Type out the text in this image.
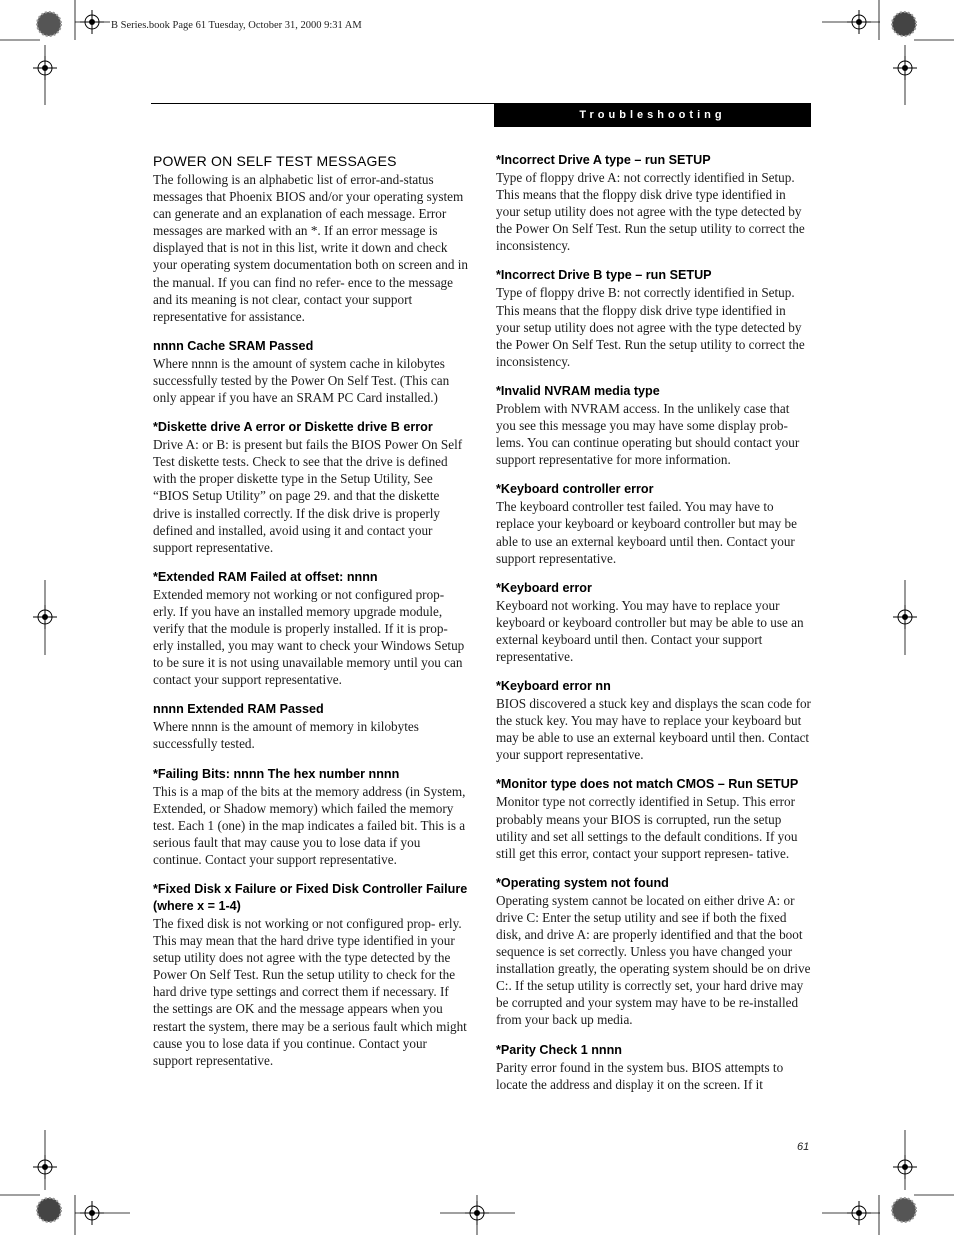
B Series.book Page 61 Tuesday, October 31, 2000 9:31 AM
Troubleshooting
POWER ON SELF TEST MESSAGES

The following is an alphabetic list of error-and-status messages that Phoenix BIOS and/or your operating system can generate and an explanation of each message. Error messages are marked with an *. If an error message is displayed that is not in this list, write it down and check your operating system documentation both on screen and in the manual. If you can find no refer- ence to the message and its meaning is not clear, contact your support representative for assistance.

nnnn Cache SRAM Passed

Where nnnn is the amount of system cache in kilobytes successfully tested by the Power On Self Test. (This can only appear if you have an SRAM PC Card installed.)

*Diskette drive A error or Diskette drive B error

Drive A: or B: is present but fails the BIOS Power On Self Test diskette tests. Check to see that the drive is defined with the proper diskette type in the Setup Utility, See “BIOS Setup Utility” on page 29. and that the diskette drive is installed correctly. If the disk drive is properly defined and installed, avoid using it and contact your support representative.

*Extended RAM Failed at offset: nnnn

Extended memory not working or not configured prop- erly. If you have an installed memory upgrade module, verify that the module is properly installed. If it is prop- erly installed, you may want to check your Windows Setup to be sure it is not using unavailable memory until you can contact your support representative.

nnnn Extended RAM Passed

Where nnnn is the amount of memory in kilobytes successfully tested.

*Failing Bits: nnnn The hex number nnnn

This is a map of the bits at the memory address (in System, Extended, or Shadow memory) which failed the memory test. Each 1 (one) in the map indicates a failed bit. This is a serious fault that may cause you to lose data if you continue. Contact your support representative.

*Fixed Disk x Failure or Fixed Disk Controller Failure (where x = 1-4)

The fixed disk is not working or not configured prop- erly. This may mean that the hard drive type identified in your setup utility does not agree with the type detected by the Power On Self Test. Run the setup utility to check for the hard drive type settings and correct them if necessary. If the settings are OK and the message appears when you restart the system, there may be a serious fault which might cause you to lose data if you continue. Contact your support representative.

*Incorrect Drive A type – run SETUP

Type of floppy drive A: not correctly identified in Setup. This means that the floppy disk drive type identified in your setup utility does not agree with the type detected by the Power On Self Test. Run the setup utility to correct the inconsistency.

*Incorrect Drive B type – run SETUP

Type of floppy drive B: not correctly identified in Setup. This means that the floppy disk drive type identified in your setup utility does not agree with the type detected by the Power On Self Test. Run the setup utility to correct the inconsistency.

*Invalid NVRAM media type

Problem with NVRAM access. In the unlikely case that you see this message you may have some display prob- lems. You can continue operating but should contact your support representative for more information.

*Keyboard controller error

The keyboard controller test failed. You may have to replace your keyboard or keyboard controller but may be able to use an external keyboard until then. Contact your support representative.

*Keyboard error

Keyboard not working. You may have to replace your keyboard or keyboard controller but may be able to use an external keyboard until then. Contact your support representative.

*Keyboard error nn

BIOS discovered a stuck key and displays the scan code for the stuck key. You may have to replace your keyboard but may be able to use an external keyboard until then. Contact your support representative.

*Monitor type does not match CMOS – Run SETUP

Monitor type not correctly identified in Setup. This error probably means your BIOS is corrupted, run the setup utility and set all settings to the default conditions. If you still get this error, contact your support represen- tative.

*Operating system not found

Operating system cannot be located on either drive A: or drive C: Enter the setup utility and see if both the fixed disk, and drive A: are properly identified and that the boot sequence is set correctly. Unless you have changed your installation greatly, the operating system should be on drive C:. If the setup utility is correctly set, your hard drive may be corrupted and your system may have to be re-installed from your back up media.

*Parity Check 1 nnnn

Parity error found in the system bus. BIOS attempts to locate the address and display it on the screen. If it

61
